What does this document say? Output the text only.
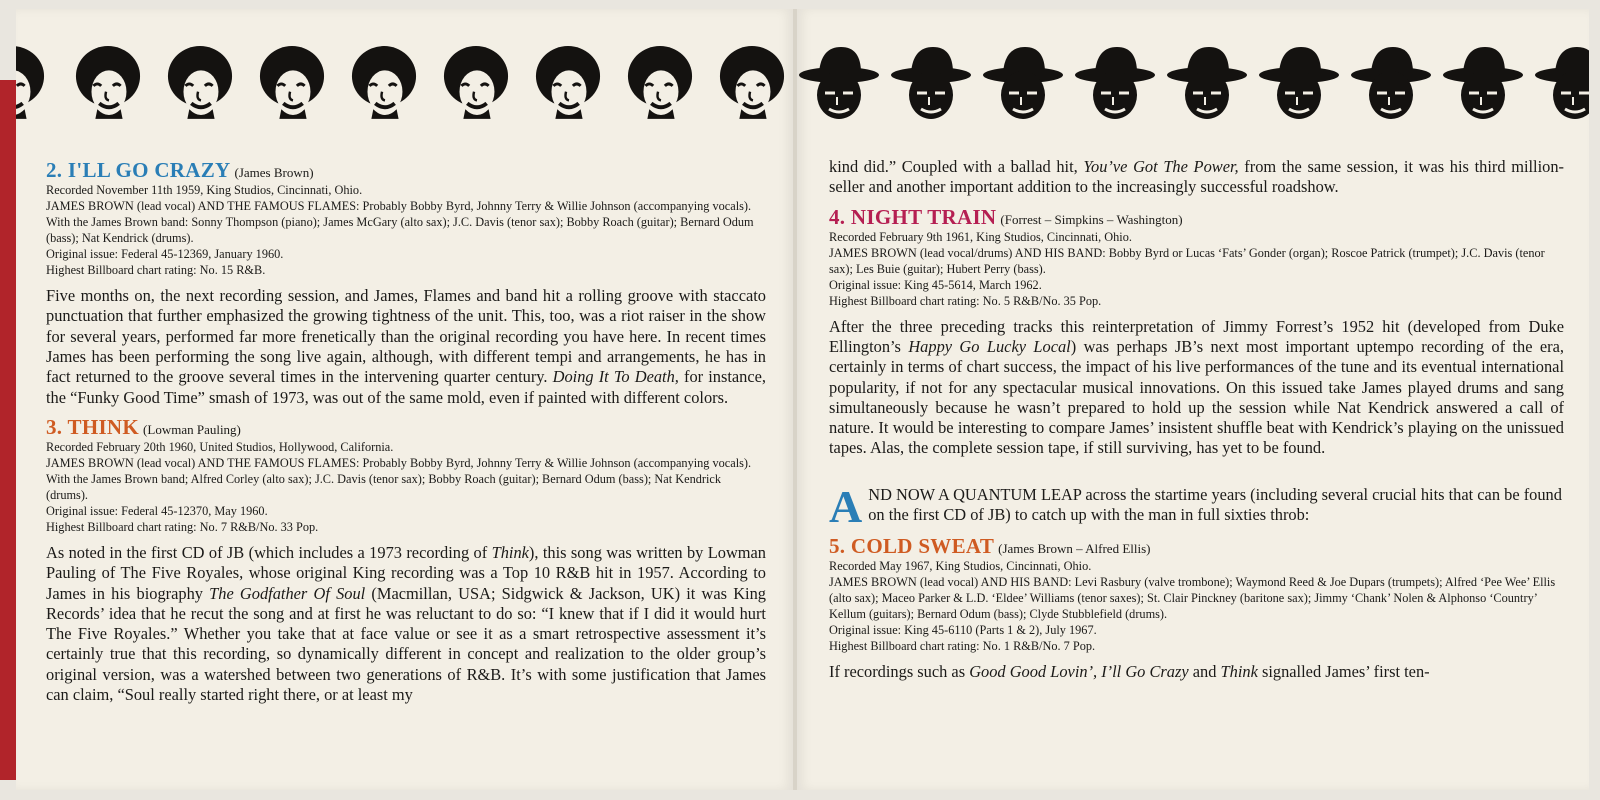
2. I'LL GO CRAZY (James Brown)

Recorded November 11th 1959, King Studios, Cincinnati, Ohio.

JAMES BROWN (lead vocal) AND THE FAMOUS FLAMES: Probably Bobby Byrd, Johnny Terry & Willie Johnson (accompanying vocals). With the James Brown band: Sonny Thompson (piano); James McGary (alto sax); J.C. Davis (tenor sax); Bobby Roach (guitar); Bernard Odum (bass); Nat Kendrick (drums).

Original issue: Federal 45-12369, January 1960.

Highest Billboard chart rating: No. 15 R&B.

Five months on, the next recording session, and James, Flames and band hit a rolling groove with staccato punctuation that further emphasized the growing tightness of the unit. This, too, was a riot raiser in the show for several years, performed far more frenetically than the original recording you have here. In recent times James has been performing the song live again, although, with different tempi and arrangements, he has in fact returned to the groove several times in the intervening quarter century. Doing It To Death, for instance, the “Funky Good Time” smash of 1973, was out of the same mold, even if painted with different colors.

3. THINK (Lowman Pauling)

Recorded February 20th 1960, United Studios, Hollywood, California.

JAMES BROWN (lead vocal) AND THE FAMOUS FLAMES: Probably Bobby Byrd, Johnny Terry & Willie Johnson (accompanying vocals). With the James Brown band; Alfred Corley (alto sax); J.C. Davis (tenor sax); Bobby Roach (guitar); Bernard Odum (bass); Nat Kendrick (drums).

Original issue: Federal 45-12370, May 1960.

Highest Billboard chart rating: No. 7 R&B/No. 33 Pop.

As noted in the first CD of JB (which includes a 1973 recording of Think), this song was written by Lowman Pauling of The Five Royales, whose original King recording was a Top 10 R&B hit in 1957. According to James in his biography The Godfather Of Soul (Macmillan, USA; Sidgwick & Jackson, UK) it was King Records’ idea that he recut the song and at first he was reluctant to do so: “I knew that if I did it would hurt The Five Royales.” Whether you take that at face value or see it as a smart retrospective assessment it’s certainly true that this recording, so dynamically different in concept and realization to the older group’s original version, was a watershed between two generations of R&B. It’s with some justification that James can claim, “Soul really started right there, or at least my

kind did.” Coupled with a ballad hit, You’ve Got The Power, from the same session, it was his third million-seller and another important addition to the increasingly successful roadshow.

4. NIGHT TRAIN (Forrest – Simpkins – Washington)

Recorded February 9th 1961, King Studios, Cincinnati, Ohio.

JAMES BROWN (lead vocal/drums) AND HIS BAND: Bobby Byrd or Lucas ‘Fats’ Gonder (organ); Roscoe Patrick (trumpet); J.C. Davis (tenor sax); Les Buie (guitar); Hubert Perry (bass).

Original issue: King 45-5614, March 1962.

Highest Billboard chart rating: No. 5 R&B/No. 35 Pop.

After the three preceding tracks this reinterpretation of Jimmy Forrest’s 1952 hit (developed from Duke Ellington’s Happy Go Lucky Local) was perhaps JB’s next most important uptempo recording of the era, certainly in terms of chart success, the impact of his live performances of the tune and its eventual international popularity, if not for any spectacular musical innovations. On this issued take James played drums and sang simultaneously because he wasn’t prepared to hold up the session while Nat Kendrick answered a call of nature. It would be interesting to compare James’ insistent shuffle beat with Kendrick’s playing on the unissued tapes. Alas, the complete session tape, if still surviving, has yet to be found.

AND NOW A QUANTUM LEAP across the startime years (including several crucial hits that can be found on the first CD of JB) to catch up with the man in full sixties throb:

5. COLD SWEAT (James Brown – Alfred Ellis)

Recorded May 1967, King Studios, Cincinnati, Ohio.

JAMES BROWN (lead vocal) AND HIS BAND: Levi Rasbury (valve trombone); Waymond Reed & Joe Dupars (trumpets); Alfred ‘Pee Wee’ Ellis (alto sax); Maceo Parker & L.D. ‘Eldee’ Williams (tenor saxes); St. Clair Pinckney (baritone sax); Jimmy ‘Chank’ Nolen & Alphonso ‘Country’ Kellum (guitars); Bernard Odum (bass); Clyde Stubblefield (drums).

Original issue: King 45-6110 (Parts 1 & 2), July 1967.

Highest Billboard chart rating: No. 1 R&B/No. 7 Pop.

If recordings such as Good Good Lovin’, I’ll Go Crazy and Think signalled James’ first ten-
